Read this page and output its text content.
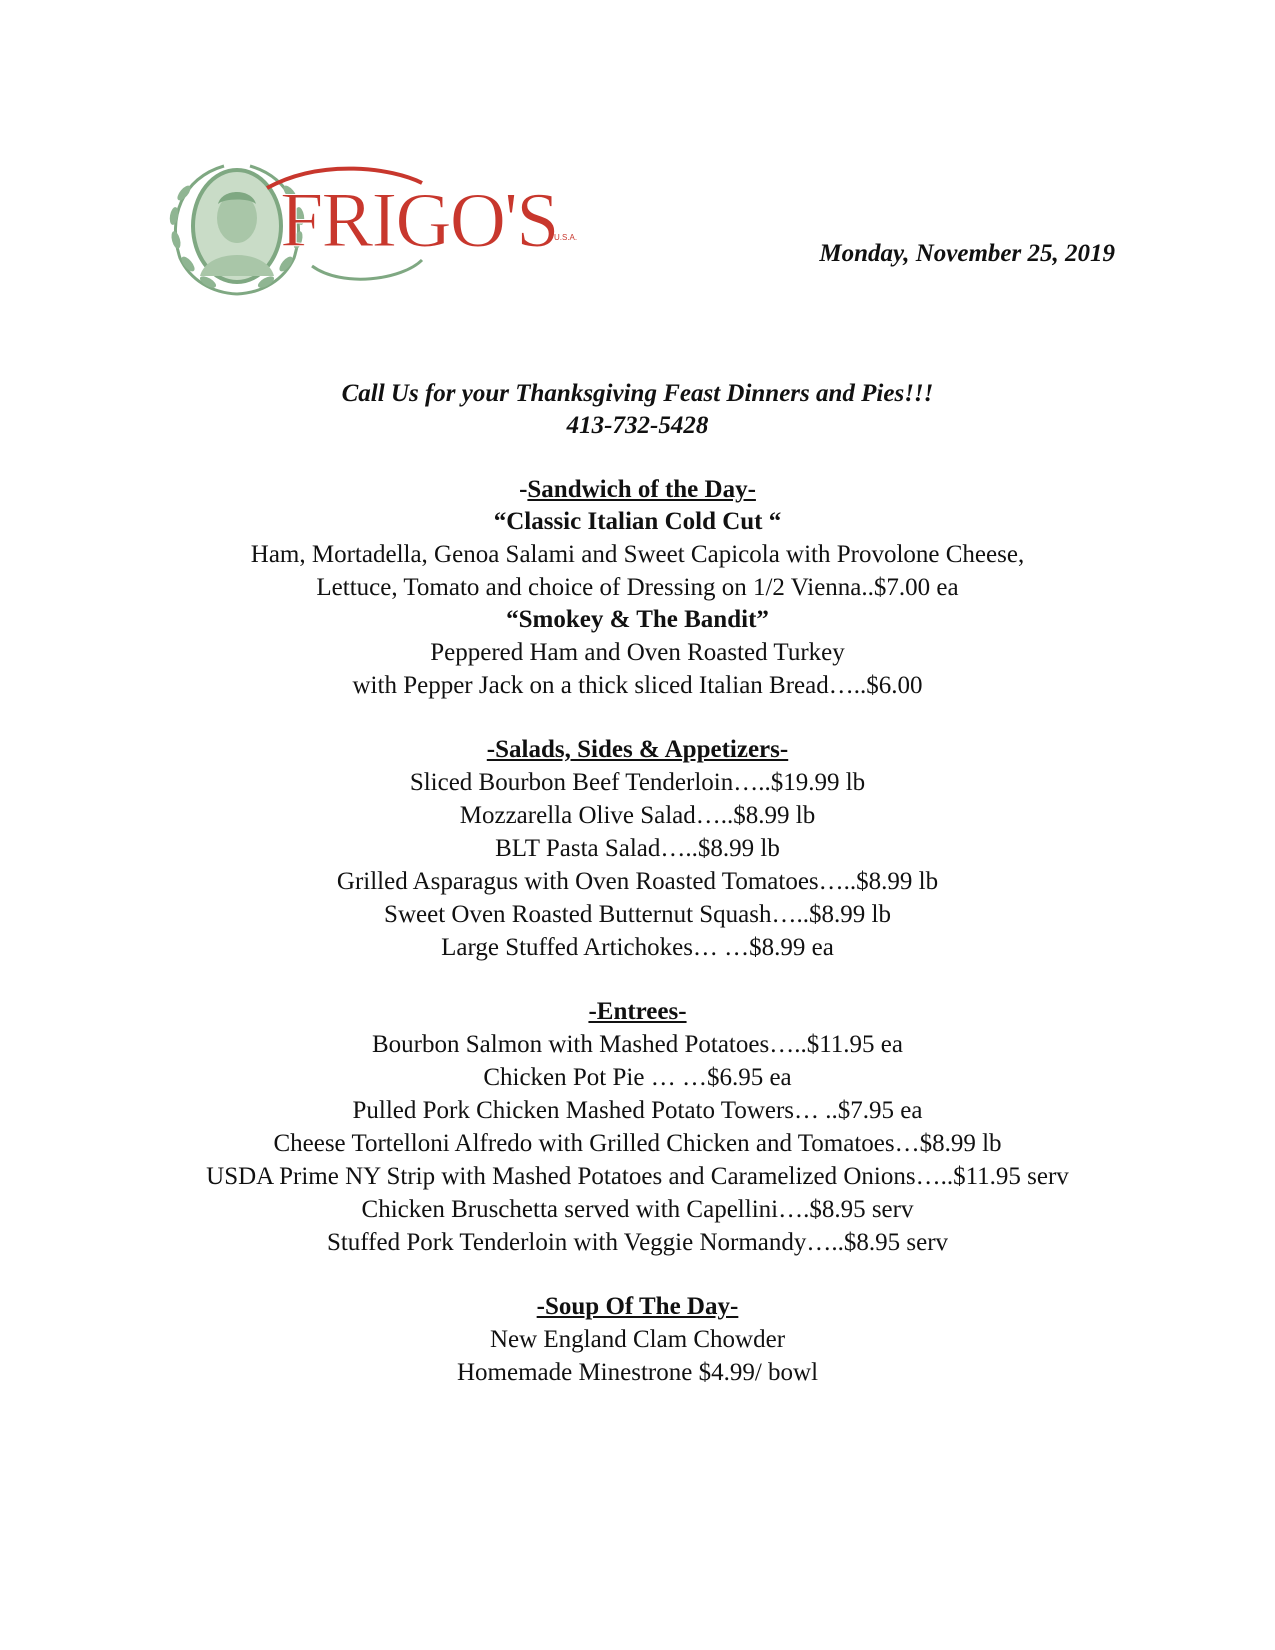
FRIGO'S
U.S.A.
Monday, November 25, 2019
Call Us for your Thanksgiving Feast Dinners and Pies!!!
413-732-5428
-Sandwich of the Day-
“Classic Italian Cold Cut “
Ham, Mortadella, Genoa Salami and Sweet Capicola with Provolone Cheese,
Lettuce, Tomato and choice of Dressing on 1/2 Vienna..$7.00 ea
“Smokey & The Bandit”
Peppered Ham and Oven Roasted Turkey
with Pepper Jack on a thick sliced Italian Bread…..$6.00
-Salads, Sides & Appetizers-
Sliced Bourbon Beef Tenderloin…..$19.99 lb
Mozzarella Olive Salad…..$8.99 lb
BLT Pasta Salad…..$8.99 lb
Grilled Asparagus with Oven Roasted Tomatoes…..$8.99 lb
Sweet Oven Roasted Butternut Squash…..$8.99 lb
Large Stuffed Artichokes… …$8.99 ea
-Entrees-
Bourbon Salmon with Mashed Potatoes…..$11.95 ea
Chicken Pot Pie … …$6.95 ea
Pulled Pork Chicken Mashed Potato Towers… ..$7.95 ea
Cheese Tortelloni Alfredo with Grilled Chicken and Tomatoes…$8.99 lb
USDA Prime NY Strip with Mashed Potatoes and Caramelized Onions…..$11.95 serv
Chicken Bruschetta served with Capellini….$8.95 serv
Stuffed Pork Tenderloin with Veggie Normandy…..$8.95 serv
-Soup Of The Day-
New England Clam Chowder
Homemade Minestrone $4.99/ bowl
